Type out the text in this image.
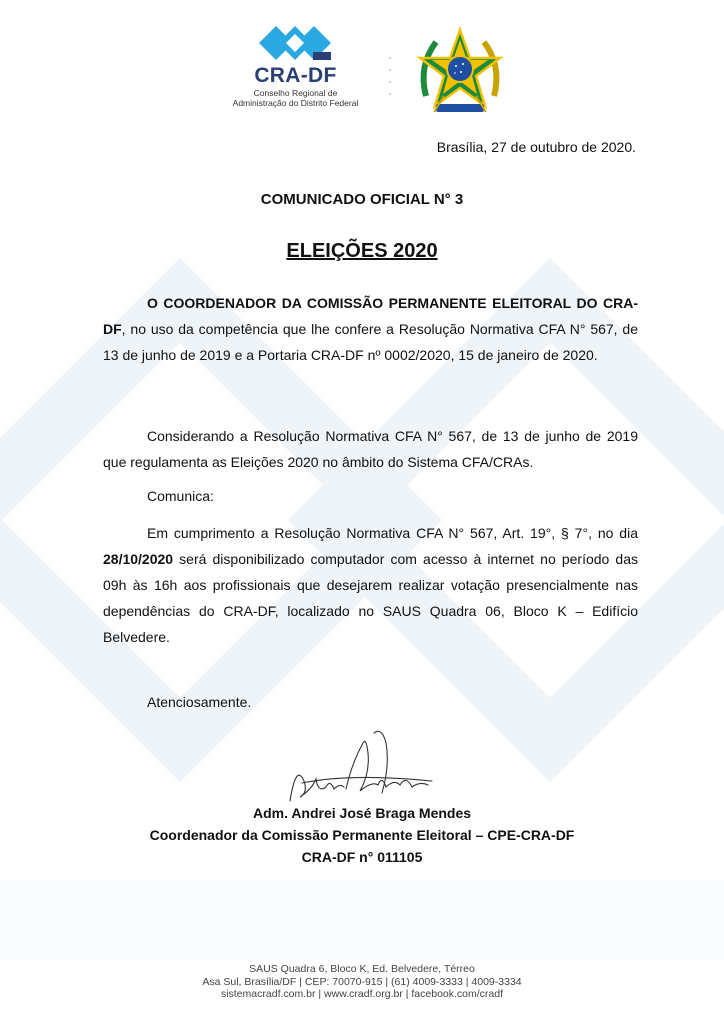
CRA-DF
Conselho Regional de
Administração do Distrito Federal
Brasília, 27 de outubro de 2020.
COMUNICADO OFICIAL N° 3
ELEIÇÕES 2020

O COORDENADOR DA COMISSÃO PERMANENTE ELEITORAL DO CRA-DF, no uso da competência que lhe confere a Resolução Normativa CFA N° 567, de 13 de junho de 2019 e a Portaria CRA-DF nº 0002/2020, 15 de janeiro de 2020.

Considerando a Resolução Normativa CFA N° 567, de 13 de junho de 2019 que regulamenta as Eleições 2020 no âmbito do Sistema CFA/CRAs.

Comunica:

Em cumprimento a Resolução Normativa CFA N° 567, Art. 19°, § 7°, no dia 28/10/2020 será disponibilizado computador com acesso à internet no período das 09h às 16h aos profissionais que desejarem realizar votação presencialmente nas dependências do CRA-DF, localizado no SAUS Quadra 06, Bloco K – Edifício Belvedere.

Atenciosamente.

Adm. Andrei José Braga Mendes
Coordenador da Comissão Permanente Eleitoral – CPE-CRA-DF
CRA-DF n° 011105
SAUS Quadra 6, Bloco K, Ed. Belvedere, Térreo
Asa Sul, Brasília/DF | CEP: 70070-915 | (61) 4009-3333 | 4009-3334
sistemacradf.com.br | www.cradf.org.br | facebook.com/cradf
